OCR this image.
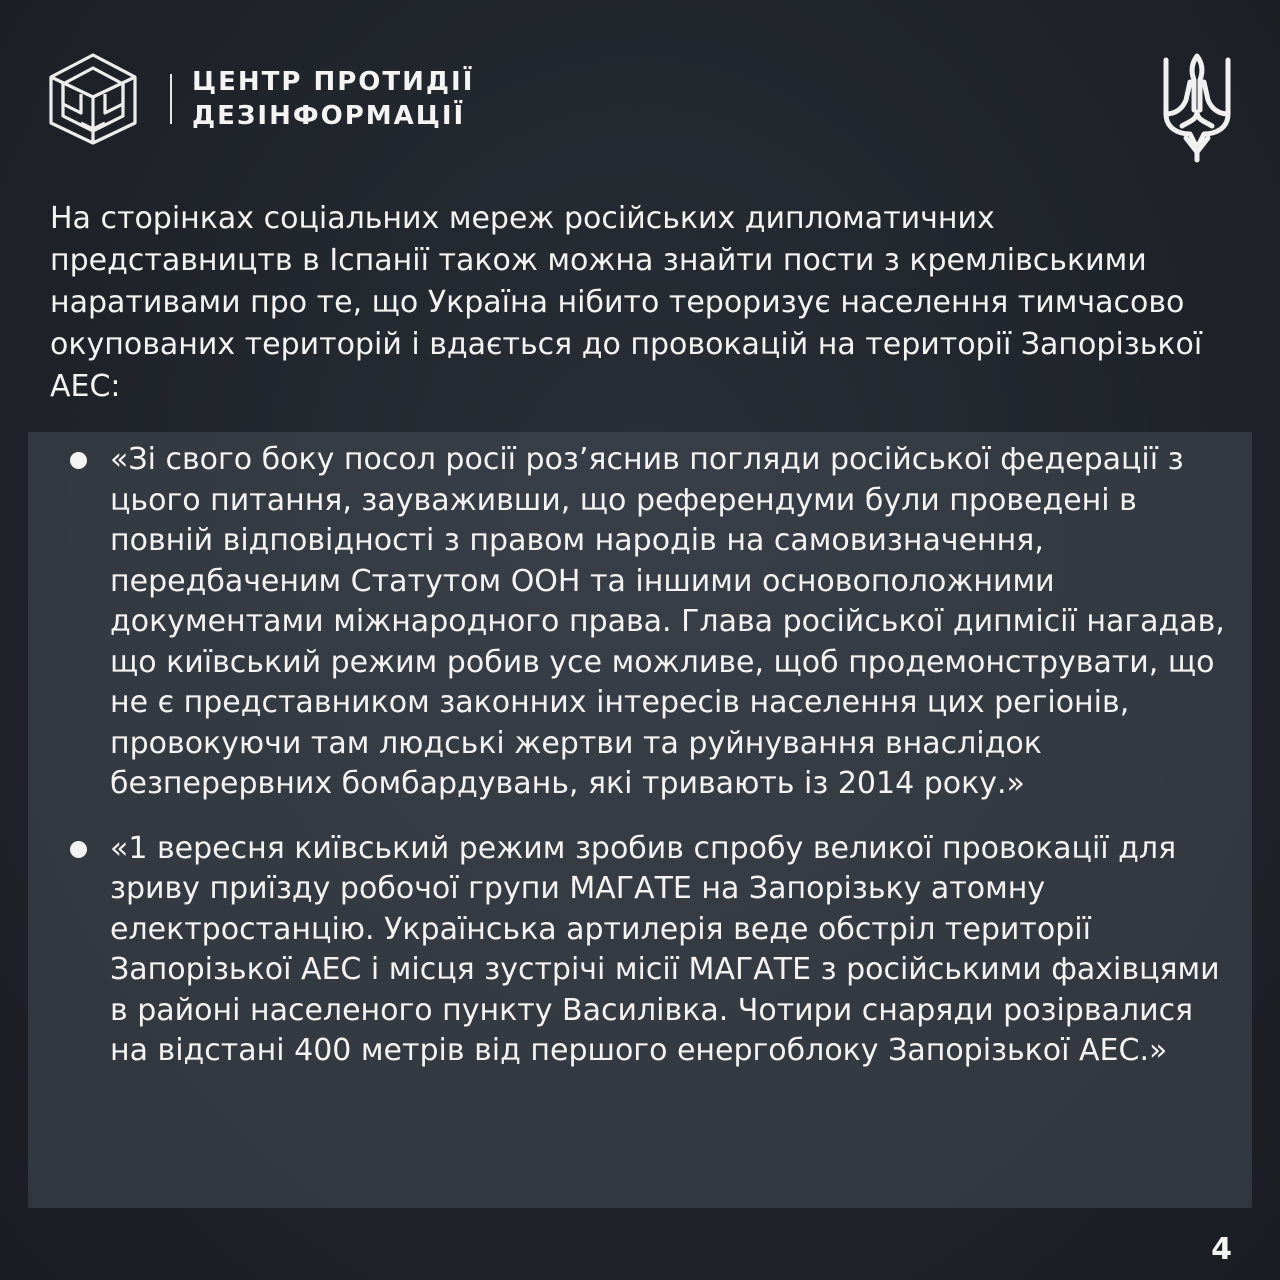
ЦЕНТР ПРОТИДІЇ
ДЕЗІНФОРМАЦІЇ

На сторінках соціальних мереж російських дипломатичних представництв в Іспанії також можна знайти пости з кремлівськими наративами про те, що Україна нібито тероризує населення тимчасово окупованих територій і вдається до провокацій на території Запорізької АЕС:

«Зі свого боку посол росії роз’яснив погляди російської федерації з цього питання, зауваживши, що референдуми були проведені в повній відповідності з правом народів на самовизначення, передбаченим Статутом ООН та іншими основоположними документами міжнародного права. Глава російської дипмісії нагадав, що київський режим робив усе можливе, щоб продемонструвати, що не є представником законних інтересів населення цих регіонів, провокуючи там людські жертви та руйнування внаслідок безперервних бомбардувань, які тривають із 2014 року.»
«1 вересня київський режим зробив спробу великої провокації для зриву приїзду робочої групи МАГАТЕ на Запорізьку атомну електростанцію. Українська артилерія веде обстріл території Запорізької АЕС і місця зустрічі місії МАГАТЕ з російськими фахівцями в районі населеного пункту Василівка. Чотири снаряди розірвалися на відстані 400 метрів від першого енергоблоку Запорізької АЕС.»
4
